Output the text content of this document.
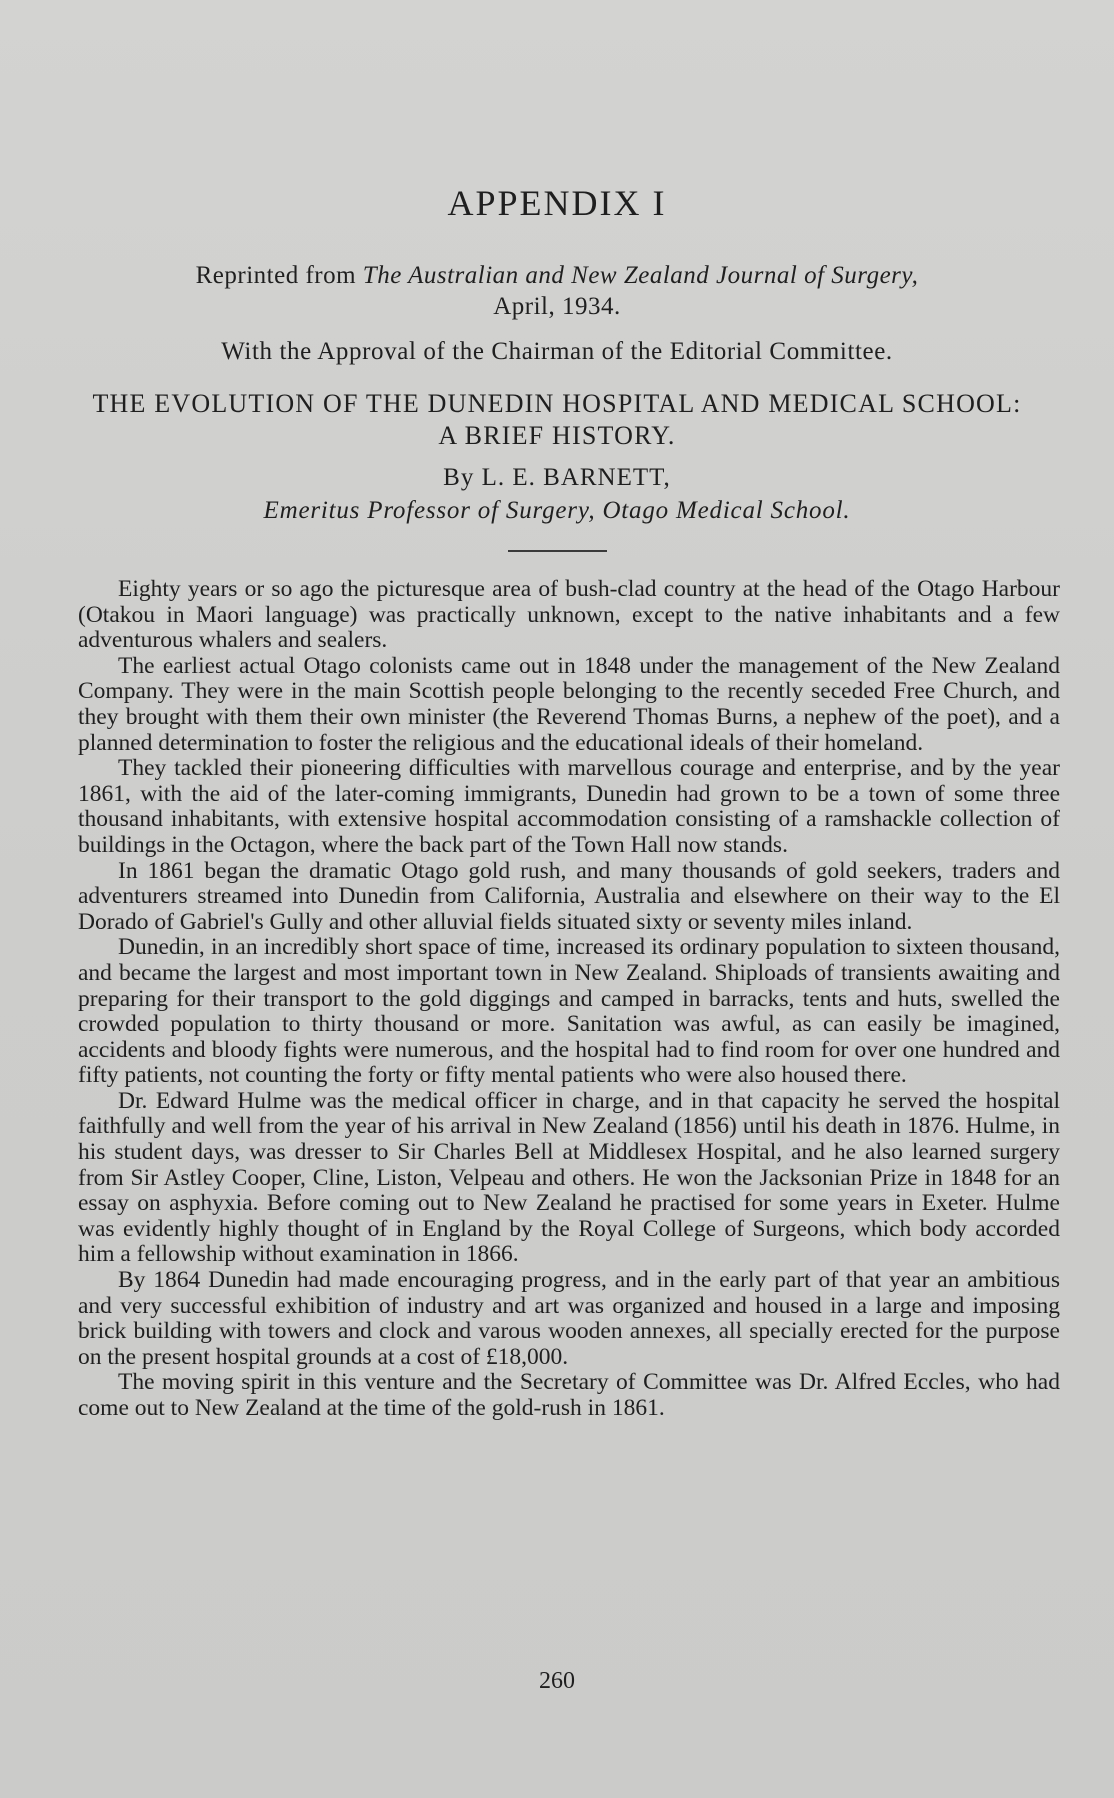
APPENDIX I
Reprinted from The Australian and New Zealand Journal of Surgery,
April, 1934.
With the Approval of the Chairman of the Editorial Committee.
THE EVOLUTION OF THE DUNEDIN HOSPITAL AND MEDICAL SCHOOL: A BRIEF HISTORY.
By L. E. BARNETT,
Emeritus Professor of Surgery, Otago Medical School.

Eighty years or so ago the picturesque area of bush-clad country at the head of the Otago Harbour (Otakou in Maori language) was practically unknown, except to the native inhabitants and a few adventurous whalers and sealers.

The earliest actual Otago colonists came out in 1848 under the management of the New Zealand Company. They were in the main Scottish people belonging to the recently seceded Free Church, and they brought with them their own minister (the Reverend Thomas Burns, a nephew of the poet), and a planned determination to foster the religious and the educational ideals of their homeland.

They tackled their pioneering difficulties with marvellous courage and enterprise, and by the year 1861, with the aid of the later-coming immigrants, Dunedin had grown to be a town of some three thousand inhabitants, with extensive hospital accommodation consisting of a ramshackle collection of buildings in the Octagon, where the back part of the Town Hall now stands.

In 1861 began the dramatic Otago gold rush, and many thousands of gold seekers, traders and adventurers streamed into Dunedin from California, Australia and elsewhere on their way to the El Dorado of Gabriel's Gully and other alluvial fields situated sixty or seventy miles inland.

Dunedin, in an incredibly short space of time, increased its ordinary population to sixteen thousand, and became the largest and most important town in New Zealand. Shiploads of transients awaiting and preparing for their transport to the gold diggings and camped in barracks, tents and huts, swelled the crowded population to thirty thousand or more. Sanitation was awful, as can easily be imagined, accidents and bloody fights were numerous, and the hospital had to find room for over one hundred and fifty patients, not counting the forty or fifty mental patients who were also housed there.

Dr. Edward Hulme was the medical officer in charge, and in that capacity he served the hospital faithfully and well from the year of his arrival in New Zealand (1856) until his death in 1876. Hulme, in his student days, was dresser to Sir Charles Bell at Middlesex Hospital, and he also learned surgery from Sir Astley Cooper, Cline, Liston, Velpeau and others. He won the Jacksonian Prize in 1848 for an essay on asphyxia. Before coming out to New Zealand he practised for some years in Exeter. Hulme was evidently highly thought of in England by the Royal College of Surgeons, which body accorded him a fellowship without examination in 1866.

By 1864 Dunedin had made encouraging progress, and in the early part of that year an ambitious and very successful exhibition of industry and art was organized and housed in a large and imposing brick building with towers and clock and varous wooden annexes, all specially erected for the purpose on the present hospital grounds at a cost of £18,000.

The moving spirit in this venture and the Secretary of Committee was Dr. Alfred Eccles, who had come out to New Zealand at the time of the gold-rush in 1861.

260
